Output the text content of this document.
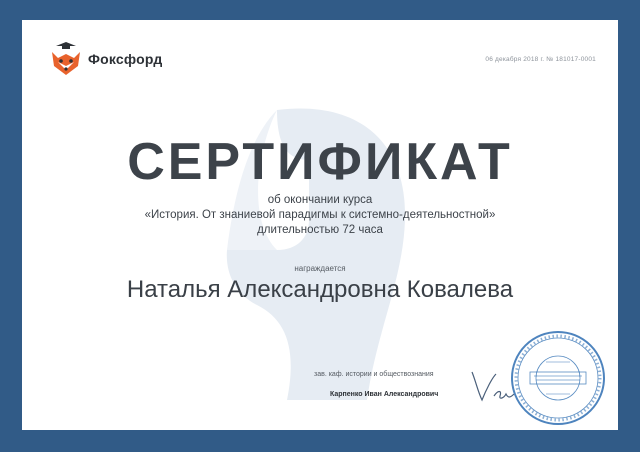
Фоксфорд	06 декабря 2018 г. № 181017-0001
СЕРТИФИКАТ
об окончании курса
«История. От знаниевой парадигмы к системно-деятельностной»
длительностью 72 часа
награждается
Наталья Александровна Ковалева
зав. каф. истории и обществознания
Карпенко Иван Александрович
